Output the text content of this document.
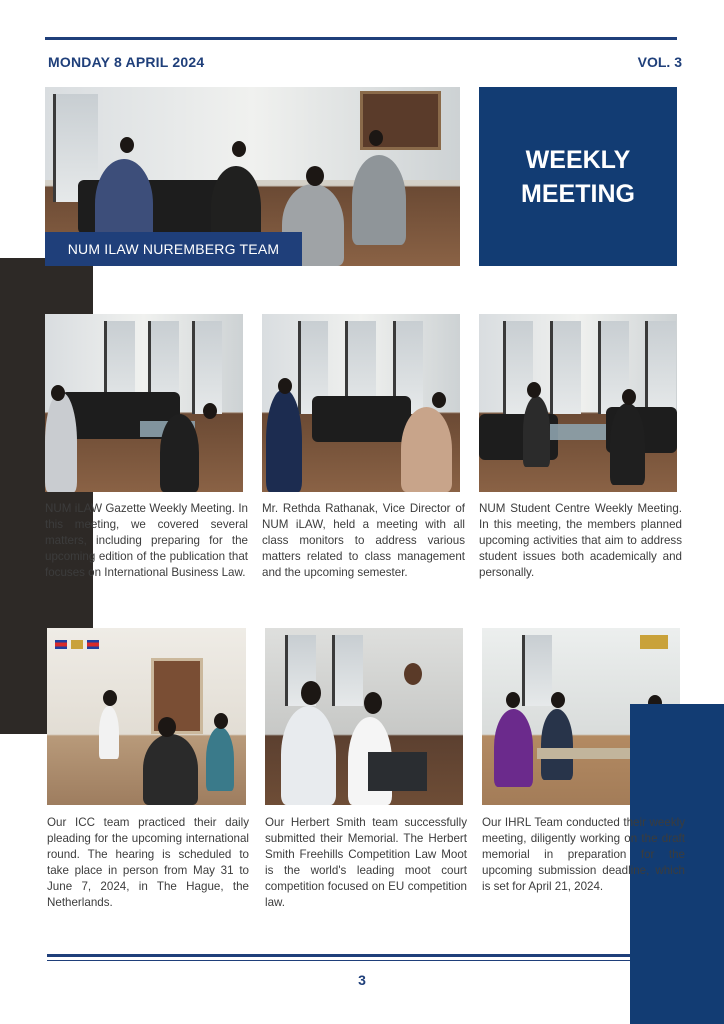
MONDAY 8 APRIL 2024	VOL. 3
NUM ILAW NUREMBERG TEAM
WEEKLY
MEETING
NUM iLAW Gazette Weekly Meeting. In this meeting, we covered several matters, including preparing for the upcoming edition of the publication that focuses on International Business Law.
Mr. Rethda Rathanak, Vice Director of NUM iLAW, held a meeting with all class monitors to address various matters related to class management and the upcoming semester.
NUM Student Centre Weekly Meeting. In this meeting, the members planned upcoming activities that aim to address student issues both academically and personally.
Our ICC team practiced their daily pleading for the upcoming international round. The hearing is scheduled to take place in person from May 31 to June 7, 2024, in The Hague, the Netherlands.
Our Herbert Smith team successfully submitted their Memorial. The Herbert Smith Freehills Competition Law Moot is the world's leading moot court competition focused on EU competition law.
Our IHRL Team conducted their weekly meeting, diligently working on the draft memorial in preparation for the upcoming submission deadline, which is set for April 21, 2024.
3
